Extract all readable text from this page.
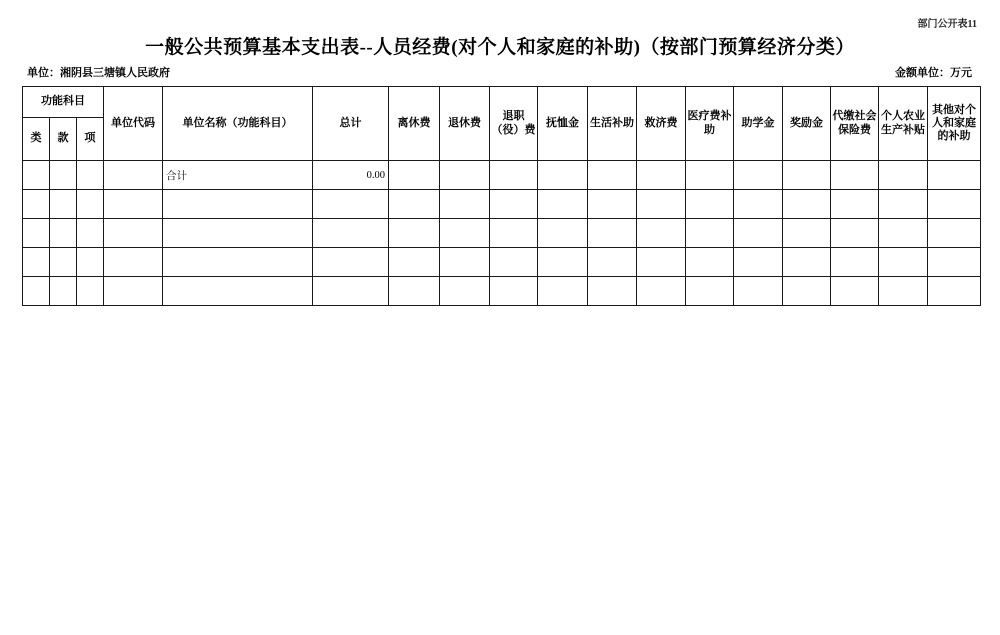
部门公开表11
一般公共预算基本支出表--人员经费(对个人和家庭的补助)（按部门预算经济分类）
单位：湘阴县三塘镇人民政府	金额单位：万元
功能科目			单位代码	单位名称（功能科目）	总计	离休费	退休费	退职（役）费	抚恤金	生活补助	救济费	医疗费补助	助学金	奖励金	代缴社会保险费	个人农业生产补贴	其他对个人和家庭的补助
类	款	项															
				合计	0.00												
